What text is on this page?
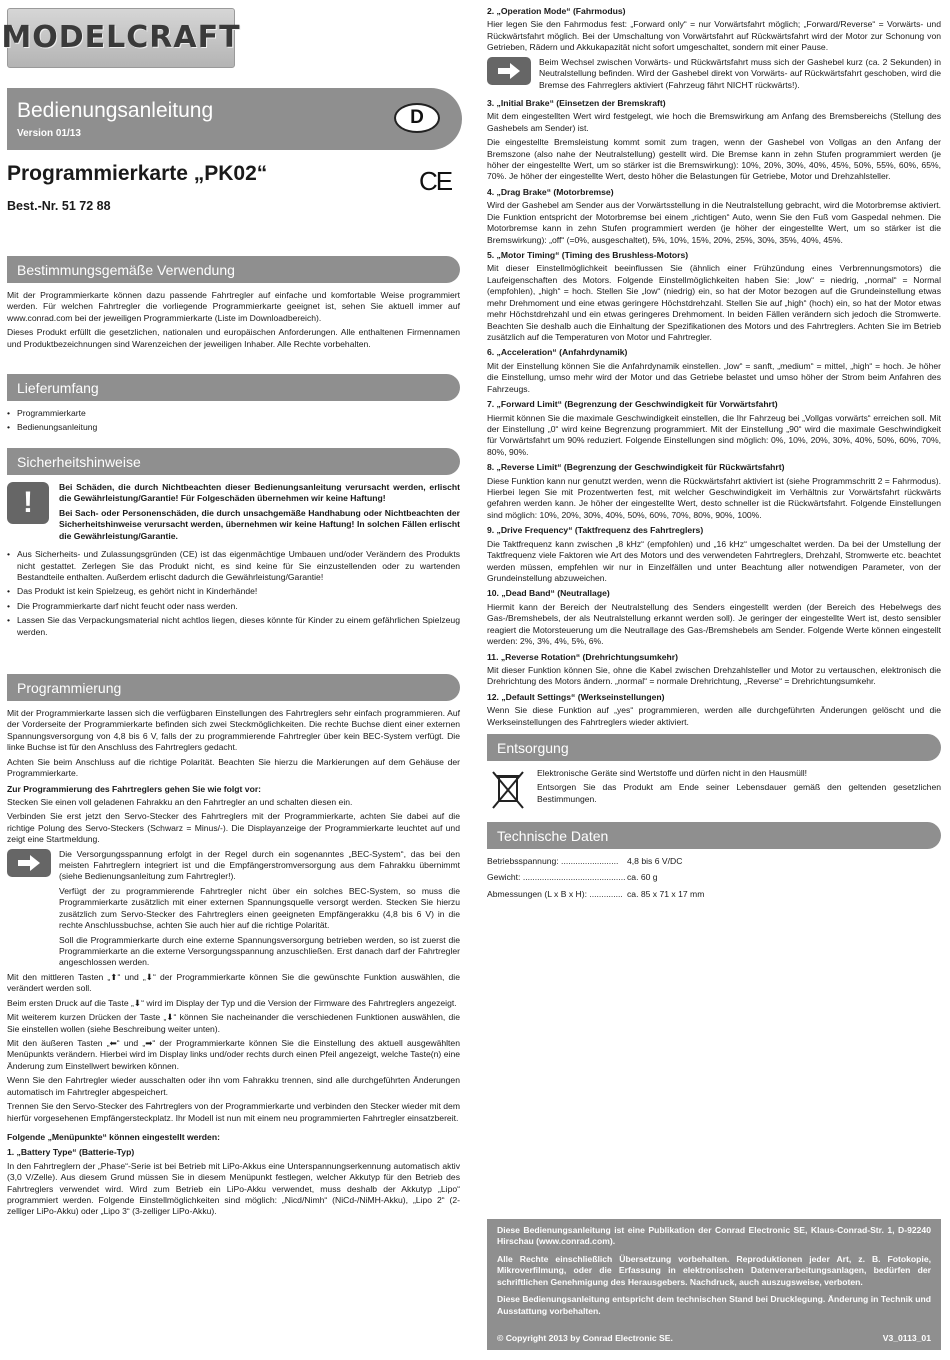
MODELCRAFT
Bedienungsanleitung
Version 01/13
D
Programmierkarte „PK02“	CE
Best.-Nr. 51 72 88
Bestimmungsgemäße Verwendung

Mit der Programmierkarte können dazu passende Fahrtregler auf einfache und komfortable Weise programmiert werden. Für welchen Fahrtregler die vorliegende Programmierkarte geeignet ist, sehen Sie aktuell immer auf www.conrad.com bei der jeweiligen Programmierkarte (Liste im Downloadbereich).

Dieses Produkt erfüllt die gesetzlichen, nationalen und europäischen Anforderungen. Alle enthaltenen Firmennamen und Produktbezeichnungen sind Warenzeichen der jeweiligen Inhaber. Alle Rechte vorbehalten.

Lieferumfang
• Programmierkarte
• Bedienungsanleitung
Sicherheitshinweise
!	Bei Schäden, die durch Nichtbeachten dieser Bedienungsanleitung verursacht werden, erlischt die Gewährleistung/Garantie! Für Folgeschäden übernehmen wir keine Haftung!

Bei Sach- oder Personenschäden, die durch unsachgemäße Handhabung oder Nichtbeachten der Sicherheitshinweise verursacht werden, übernehmen wir keine Haftung! In solchen Fällen erlischt die Gewährleistung/Garantie.

• Aus Sicherheits- und Zulassungsgründen (CE) ist das eigenmächtige Umbauen und/oder Verändern des Produkts nicht gestattet. Zerlegen Sie das Produkt nicht, es sind keine für Sie einzustellenden oder zu wartenden Bestandteile enthalten. Außerdem erlischt dadurch die Gewährleistung/Garantie!
• Das Produkt ist kein Spielzeug, es gehört nicht in Kinderhände!
• Die Programmierkarte darf nicht feucht oder nass werden.
• Lassen Sie das Verpackungsmaterial nicht achtlos liegen, dieses könnte für Kinder zu einem gefährlichen Spielzeug werden.
Programmierung

Mit der Programmierkarte lassen sich die verfügbaren Einstellungen des Fahrtreglers sehr einfach programmieren. Auf der Vorderseite der Programmierkarte befinden sich zwei Steckmöglichkeiten. Die rechte Buchse dient einer externen Spannungsversorgung von 4,8 bis 6 V, falls der zu programmierende Fahrtregler über kein BEC-System verfügt. Die linke Buchse ist für den Anschluss des Fahrtreglers gedacht.

Achten Sie beim Anschluss auf die richtige Polarität. Beachten Sie hierzu die Markierungen auf dem Gehäuse der Programmierkarte.

Zur Programmierung des Fahrtreglers gehen Sie wie folgt vor:

Stecken Sie einen voll geladenen Fahrakku an den Fahrtregler an und schalten diesen ein.

Verbinden Sie erst jetzt den Servo-Stecker des Fahrtreglers mit der Programmierkarte, achten Sie dabei auf die richtige Polung des Servo-Steckers (Schwarz = Minus/-). Die Displayanzeige der Programmierkarte leuchtet auf und zeigt eine Startmeldung.

Die Versorgungsspannung erfolgt in der Regel durch ein sogenanntes „BEC-System“, das bei den meisten Fahrtreglern integriert ist und die Empfängerstromversorgung aus dem Fahrakku übernimmt (siehe Bedienungsanleitung zum Fahrtregler!).

Verfügt der zu programmierende Fahrtregler nicht über ein solches BEC-System, so muss die Programmierkarte zusätzlich mit einer externen Spannungsquelle versorgt werden. Stecken Sie hierzu zusätzlich zum Servo-Stecker des Fahrtreglers einen geeigneten Empfängerakku (4,8 bis 6 V) in die rechte Anschlussbuchse, achten Sie auch hier auf die richtige Polarität.

Soll die Programmierkarte durch eine externe Spannungsversorgung betrieben werden, so ist zuerst die Programmierkarte an die externe Versorgungsspannung anzuschließen. Erst danach darf der Fahrtregler angeschlossen werden.

Mit den mittleren Tasten „⬆“ und „⬇“ der Programmierkarte können Sie die gewünschte Funktion auswählen, die verändert werden soll.

Beim ersten Druck auf die Taste „⬇“ wird im Display der Typ und die Version der Firmware des Fahrtreglers angezeigt.

Mit weiterem kurzen Drücken der Taste „⬇“ können Sie nacheinander die verschiedenen Funktionen auswählen, die Sie einstellen wollen (siehe Beschreibung weiter unten).

Mit den äußeren Tasten „⬅“ und „➡“ der Programmierkarte können Sie die Einstellung des aktuell ausgewählten Menüpunkts verändern. Hierbei wird im Display links und/oder rechts durch einen Pfeil angezeigt, welche Taste(n) eine Änderung zum Einstellwert bewirken können.

Wenn Sie den Fahrtregler wieder ausschalten oder ihn vom Fahrakku trennen, sind alle durchgeführten Änderungen automatisch im Fahrtregler abgespeichert.

Trennen Sie den Servo-Stecker des Fahrtreglers von der Programmierkarte und verbinden den Stecker wieder mit dem hierfür vorgesehenen Empfängersteckplatz. Ihr Modell ist nun mit einem neu programmierten Fahrtregler einsatzbereit.

Folgende „Menüpunkte“ können eingestellt werden:
1. „Battery Type“ (Batterie-Typ)

In den Fahrtreglern der „Phase“-Serie ist bei Betrieb mit LiPo-Akkus eine Unterspannungserkennung automatisch aktiv (3,0 V/Zelle). Aus diesem Grund müssen Sie in diesem Menüpunkt festlegen, welcher Akkutyp für den Betrieb des Fahrtreglers verwendet wird. Wird zum Betrieb ein LiPo-Akku verwendet, muss deshalb der Akkutyp „Lipo“ programmiert werden. Folgende Einstellmöglichkeiten sind möglich: „Nicd/Nimh“ (NiCd-/NiMH-Akku), „Lipo 2“ (2-zelliger LiPo-Akku) oder „Lipo 3“ (3-zelliger LiPo-Akku).

2. „Operation Mode“ (Fahrmodus)

Hier legen Sie den Fahrmodus fest: „Forward only“ = nur Vorwärtsfahrt möglich; „Forward/Reverse“ = Vorwärts- und Rückwärtsfahrt möglich. Bei der Umschaltung von Vorwärtsfahrt auf Rückwärtsfahrt wird der Motor zur Schonung von Getrieben, Rädern und Akkukapazität nicht sofort umgeschaltet, sondern mit einer Pause.

Beim Wechsel zwischen Vorwärts- und Rückwärtsfahrt muss sich der Gashebel kurz (ca. 2 Sekunden) in Neutralstellung befinden. Wird der Gashebel direkt von Vorwärts- auf Rückwärtsfahrt geschoben, wird die Bremse des Fahrreglers aktiviert (Fahrzeug fährt NICHT rückwärts!).

3. „Initial Brake“ (Einsetzen der Bremskraft)

Mit dem eingestellten Wert wird festgelegt, wie hoch die Bremswirkung am Anfang des Bremsbereichs (Stellung des Gashebels am Sender) ist.

Die eingestellte Bremsleistung kommt somit zum tragen, wenn der Gashebel von Vollgas an den Anfang der Bremszone (also nahe der Neutralstellung) gestellt wird. Die Bremse kann in zehn Stufen programmiert werden (je höher der eingestellte Wert, um so stärker ist die Bremswirkung): 10%, 20%, 30%, 40%, 45%, 50%, 55%, 60%, 65%, 70%. Je höher der eingestellte Wert, desto höher die Belastungen für Getriebe, Motor und Drehzahlsteller.

4. „Drag Brake“ (Motorbremse)

Wird der Gashebel am Sender aus der Vorwärtsstellung in die Neutralstellung gebracht, wird die Motorbremse aktiviert. Die Funktion entspricht der Motorbremse bei einem „richtigen“ Auto, wenn Sie den Fuß vom Gaspedal nehmen. Die Motorbremse kann in zehn Stufen programmiert werden (je höher der eingestellte Wert, um so stärker ist die Bremswirkung): „off“ (=0%, ausgeschaltet), 5%, 10%, 15%, 20%, 25%, 30%, 35%, 40%, 45%.

5. „Motor Timing“ (Timing des Brushless-Motors)

Mit dieser Einstellmöglichkeit beeinflussen Sie (ähnlich einer Frühzündung eines Verbrennungsmotors) die Laufeigenschaften des Motors. Folgende Einstellmöglichkeiten haben Sie: „low“ = niedrig, „normal“ = Normal (empfohlen), „high“ = hoch. Stellen Sie „low“ (niedrig) ein, so hat der Motor bezogen auf die Grundeinstellung etwas mehr Drehmoment und eine etwas geringere Höchstdrehzahl. Stellen Sie auf „high“ (hoch) ein, so hat der Motor etwas mehr Höchstdrehzahl und ein etwas geringeres Drehmoment. In beiden Fällen verändern sich jedoch die Stromwerte. Beachten Sie deshalb auch die Einhaltung der Spezifikationen des Motors und des Fahrtreglers. Achten Sie im Betrieb zusätzlich auf die Temperaturen von Motor und Fahrtregler.

6. „Acceleration“ (Anfahrdynamik)

Mit der Einstellung können Sie die Anfahrdynamik einstellen. „low“ = sanft, „medium“ = mittel, „high“ = hoch. Je höher die Einstellung, umso mehr wird der Motor und das Getriebe belastet und umso höher der Strom beim Anfahren des Fahrzeugs.

7. „Forward Limit“ (Begrenzung der Geschwindigkeit für Vorwärtsfahrt)

Hiermit können Sie die maximale Geschwindigkeit einstellen, die Ihr Fahrzeug bei „Vollgas vorwärts“ erreichen soll. Mit der Einstellung „0“ wird keine Begrenzung programmiert. Mit der Einstellung „90“ wird die maximale Geschwindigkeit für Vorwärtsfahrt um 90% reduziert. Folgende Einstellungen sind möglich: 0%, 10%, 20%, 30%, 40%, 50%, 60%, 70%, 80%, 90%.

8. „Reverse Limit“ (Begrenzung der Geschwindigkeit für Rückwärtsfahrt)

Diese Funktion kann nur genutzt werden, wenn die Rückwärtsfahrt aktiviert ist (siehe Programmschritt 2 = Fahrmodus). Hierbei legen Sie mit Prozentwerten fest, mit welcher Geschwindigkeit im Verhältnis zur Vorwärtsfahrt rückwärts gefahren werden kann. Je höher der eingestellte Wert, desto schneller ist die Rückwärtsfahrt. Folgende Einstellungen sind möglich: 10%, 20%, 30%, 40%, 50%, 60%, 70%, 80%, 90%, 100%.

9. „Drive Frequency“ (Taktfrequenz des Fahrtreglers)

Die Taktfrequenz kann zwischen „8 kHz“ (empfohlen) und „16 kHz“ umgeschaltet werden. Da bei der Umstellung der Taktfrequenz viele Faktoren wie Art des Motors und des verwendeten Fahrtreglers, Drehzahl, Stromwerte etc. beachtet werden müssen, empfehlen wir nur in Einzelfällen und unter Beachtung aller notwendigen Parameter, von der Grundeinstellung abzuweichen.

10. „Dead Band“ (Neutrallage)

Hiermit kann der Bereich der Neutralstellung des Senders eingestellt werden (der Bereich des Hebelwegs des Gas-/Bremshebels, der als Neutralstellung erkannt werden soll). Je geringer der eingestellte Wert ist, desto sensibler reagiert die Motorsteuerung um die Neutrallage des Gas-/Bremshebels am Sender. Folgende Werte können eingestellt werden: 2%, 3%, 4%, 5%, 6%.

11. „Reverse Rotation“ (Drehrichtungsumkehr)

Mit dieser Funktion können Sie, ohne die Kabel zwischen Drehzahlsteller und Motor zu vertauschen, elektronisch die Drehrichtung des Motors ändern. „normal“ = normale Drehrichtung, „Reverse“ = Drehrichtungsumkehr.

12. „Default Settings“ (Werkseinstellungen)

Wenn Sie diese Funktion auf „yes“ programmieren, werden alle durchgeführten Änderungen gelöscht und die Werkseinstellungen des Fahrtreglers wieder aktiviert.

Entsorgung

Elektronische Geräte sind Wertstoffe und dürfen nicht in den Hausmüll!

Entsorgen Sie das Produkt am Ende seiner Lebensdauer gemäß den geltenden gesetzlichen Bestimmungen.

Technische Daten
Betriebsspannung: ........................	4,8 bis 6 V/DC
Gewicht: ........................................... ca. 60 g
Abmessungen (L x B x H): .............. ca. 85 x 71 x 17 mm

Diese Bedienungsanleitung ist eine Publikation der Conrad Electronic SE, Klaus-Conrad-Str. 1, D-92240 Hirschau (www.conrad.com).

Alle Rechte einschließlich Übersetzung vorbehalten. Reproduktionen jeder Art, z. B. Fotokopie, Mikroverfilmung, oder die Erfassung in elektronischen Datenverarbeitungsanlagen, bedürfen der schriftlichen Genehmigung des Herausgebers. Nachdruck, auch auszugsweise, verboten.

Diese Bedienungsanleitung entspricht dem technischen Stand bei Drucklegung. Änderung in Technik und Ausstattung vorbehalten.

© Copyright 2013 by Conrad Electronic SE.	V3_0113_01
